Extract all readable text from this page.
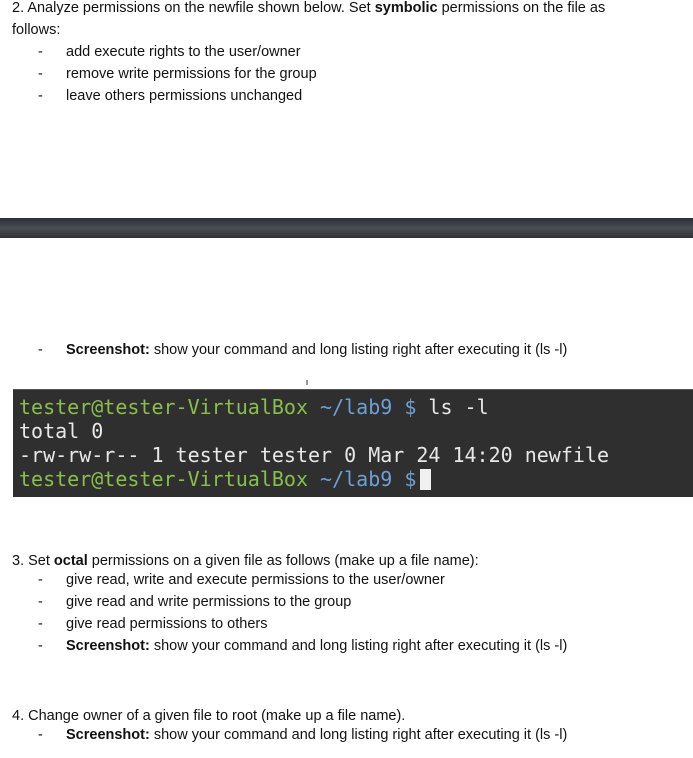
2. Analyze permissions on the newfile shown below. Set symbolic permissions on the file as
follows:
- add execute rights to the user/owner
- remove write permissions for the group
- leave others permissions unchanged
- Screenshot: show your command and long listing right after executing it (ls -l)
tester@tester-VirtualBox ~/lab9 $ ls -l
total 0
-rw-rw-r-- 1 tester tester 0 Mar 24 14:20 newfile
tester@tester-VirtualBox ~/lab9 $
3. Set octal permissions on a given file as follows (make up a file name):
- give read, write and execute permissions to the user/owner
- give read and write permissions to the group
- give read permissions to others
- Screenshot: show your command and long listing right after executing it (ls -l)
4. Change owner of a given file to root (make up a file name).
- Screenshot: show your command and long listing right after executing it (ls -l)
